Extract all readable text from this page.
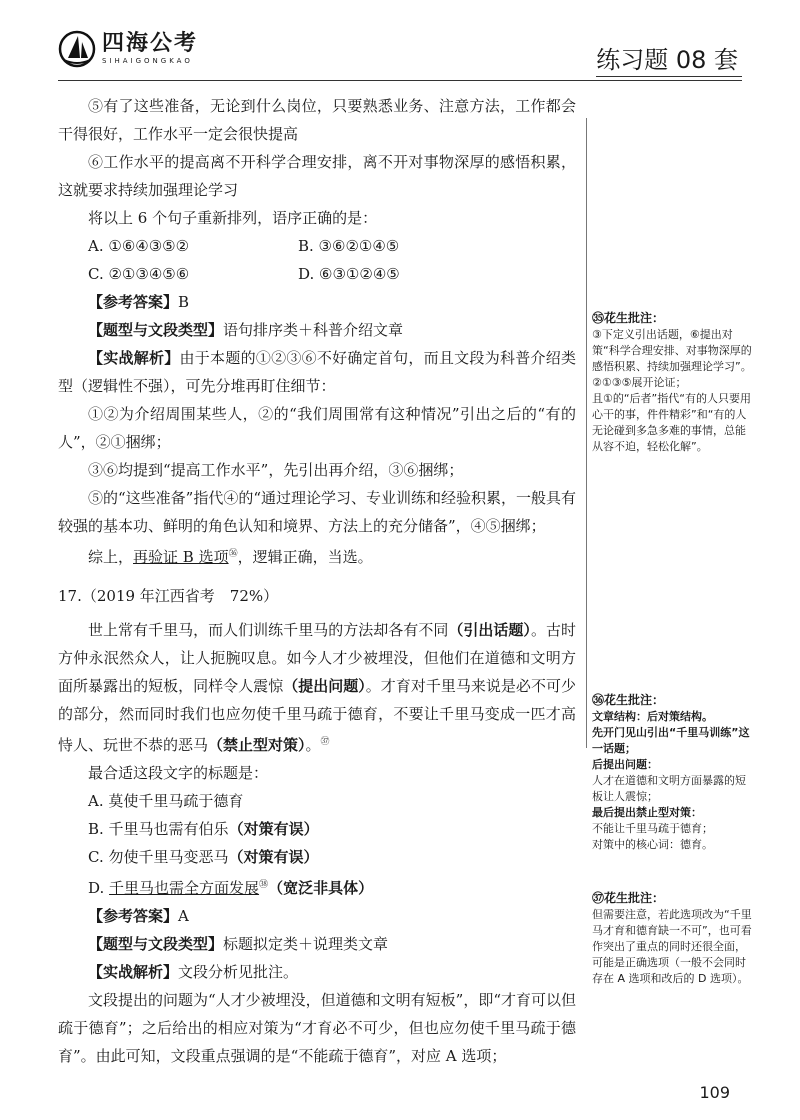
四海公考
SIHAIGONGKAO	练习题 08 套

⑤有了这些准备，无论到什么岗位，只要熟悉业务、注意方法，工作都会干得很好，工作水平一定会很快提高

⑥工作水平的提高离不开科学合理安排，离不开对事物深厚的感悟积累，这就要求持续加强理论学习

将以上 6 个句子重新排列，语序正确的是：

A. ①⑥④③⑤②	B. ③⑥②①④⑤
C. ②①③④⑤⑥	D. ⑥③①②④⑤

【参考答案】B

【题型与文段类型】语句排序类＋科普介绍文章

【实战解析】由于本题的①②③⑥不好确定首句，而且文段为科普介绍类型（逻辑性不强），可先分堆再盯住细节：

①②为介绍周围某些人，②的“我们周围常有这种情况”引出之后的“有的人”，②①捆绑；

③⑥均提到“提高工作水平”，先引出再介绍，③⑥捆绑；

⑤的“这些准备”指代④的“通过理论学习、专业训练和经验积累，一般具有较强的基本功、鲜明的角色认知和境界、方法上的充分储备”，④⑤捆绑；

综上，再验证 B 选项$^㊱$，逻辑正确，当选。

17.（2019 年江西省考　72%）

世上常有千里马，而人们训练千里马的方法却各有不同（引出话题）。古时方仲永泯然众人，让人扼腕叹息。如今人才少被埋没，但他们在道德和文明方面所暴露出的短板，同样令人震惊（提出问题）。才育对千里马来说是必不可少的部分，然而同时我们也应勿使千里马疏于德育，不要让千里马变成一匹才高恃人、玩世不恭的恶马（禁止型对策）。$^㊲$

最合适这段文字的标题是：

A. 莫使千里马疏于德育

B. 千里马也需有伯乐（对策有误）

C. 勿使千里马变恶马（对策有误）

D. 千里马也需全方面发展$^㊳$（宽泛非具体）

【参考答案】A

【题型与文段类型】标题拟定类＋说理类文章

【实战解析】文段分析见批注。

文段提出的问题为“人才少被埋没，但道德和文明有短板”，即“才育可以但疏于德育”；之后给出的相应对策为“才育必不可少，但也应勿使千里马疏于德育”。由此可知，文段重点强调的是“不能疏于德育”，对应 A 选项；

㉟花生批注：

③下定义引出话题，⑥提出对策“科学合理安排、对事物深厚的感悟积累、持续加强理论学习”。

②①③⑤展开论证；

且①的“后者”指代“有的人只要用心干的事，件件精彩”和“有的人无论碰到多急多难的事情，总能从容不迫，轻松化解”。

㊱花生批注：

文章结构：后对策结构。

先开门见山引出“千里马训练”这一话题；

后提出问题：

人才在道德和文明方面暴露的短板让人震惊；

最后提出禁止型对策：

不能让千里马疏于德育；

对策中的核心词：德育。

㊲花生批注：

但需要注意，若此选项改为“千里马才育和德育缺一不可”，也可看作突出了重点的同时还很全面，可能是正确选项（一般不会同时存在 A 选项和改后的 D 选项）。

109
